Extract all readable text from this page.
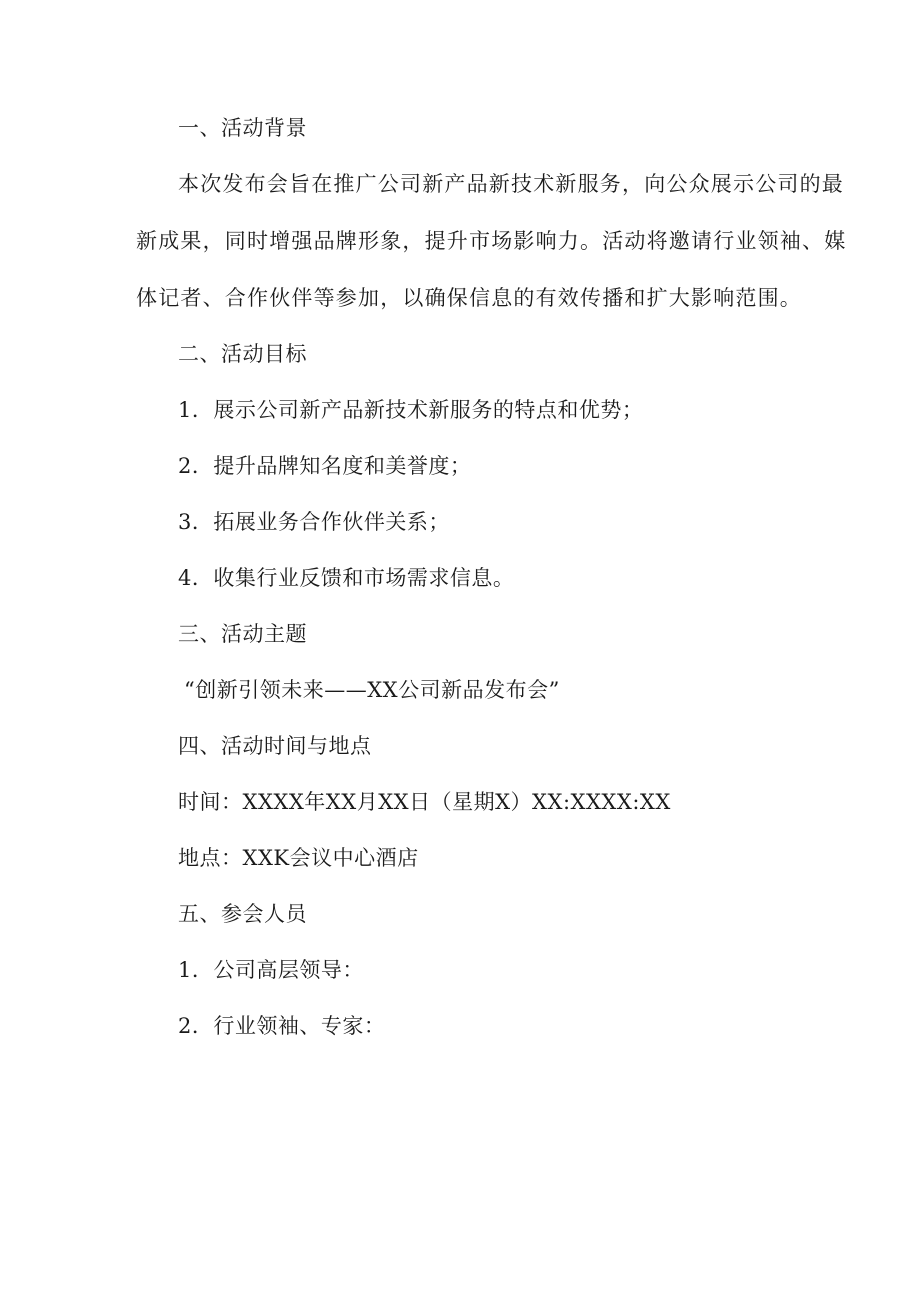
一、活动背景
本次发布会旨在推广公司新产品新技术新服务，向公众展示公司的最
新成果，同时增强品牌形象，提升市场影响力。活动将邀请行业领袖、媒
体记者、合作伙伴等参加，以确保信息的有效传播和扩大影响范围。
二、活动目标
1．展示公司新产品新技术新服务的特点和优势；
2．提升品牌知名度和美誉度；
3．拓展业务合作伙伴关系；
4．收集行业反馈和市场需求信息。
三、活动主题
“创新引领未来——XX公司新品发布会”
四、活动时间与地点
时间：XXXX年XX月XX日（星期X）XX:XXXX:XX
地点：XXK会议中心酒店
五、参会人员
1．公司高层领导：
2．行业领袖、专家：
